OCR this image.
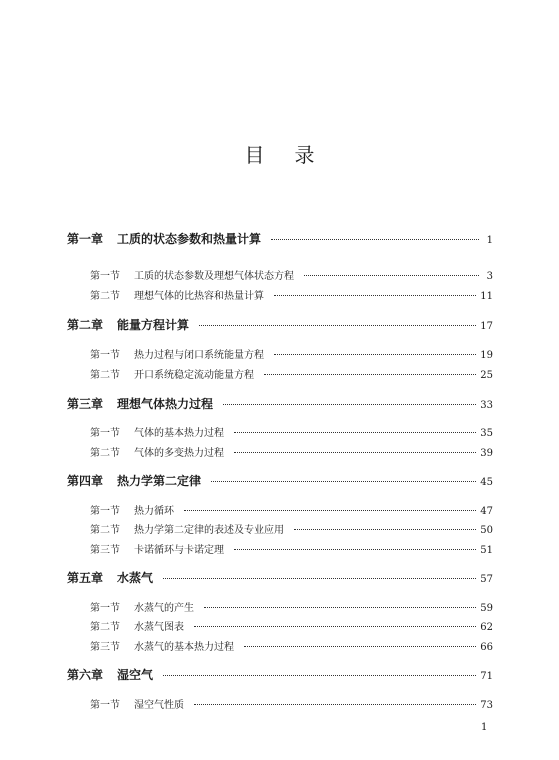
目录
第一章	工质的状态参数和热量计算	1
第一节	工质的状态参数及理想气体状态方程	3
第二节	理想气体的比热容和热量计算	11
第二章	能量方程计算	17
第一节	热力过程与闭口系统能量方程	19
第二节	开口系统稳定流动能量方程	25
第三章	理想气体热力过程	33
第一节	气体的基本热力过程	35
第二节	气体的多变热力过程	39
第四章	热力学第二定律	45
第一节	热力循环	47
第二节	热力学第二定律的表述及专业应用	50
第三节	卡诺循环与卡诺定理	51
第五章	水蒸气	57
第一节	水蒸气的产生	59
第二节	水蒸气图表	62
第三节	水蒸气的基本热力过程	66
第六章	湿空气	71
第一节	湿空气性质	73
1
